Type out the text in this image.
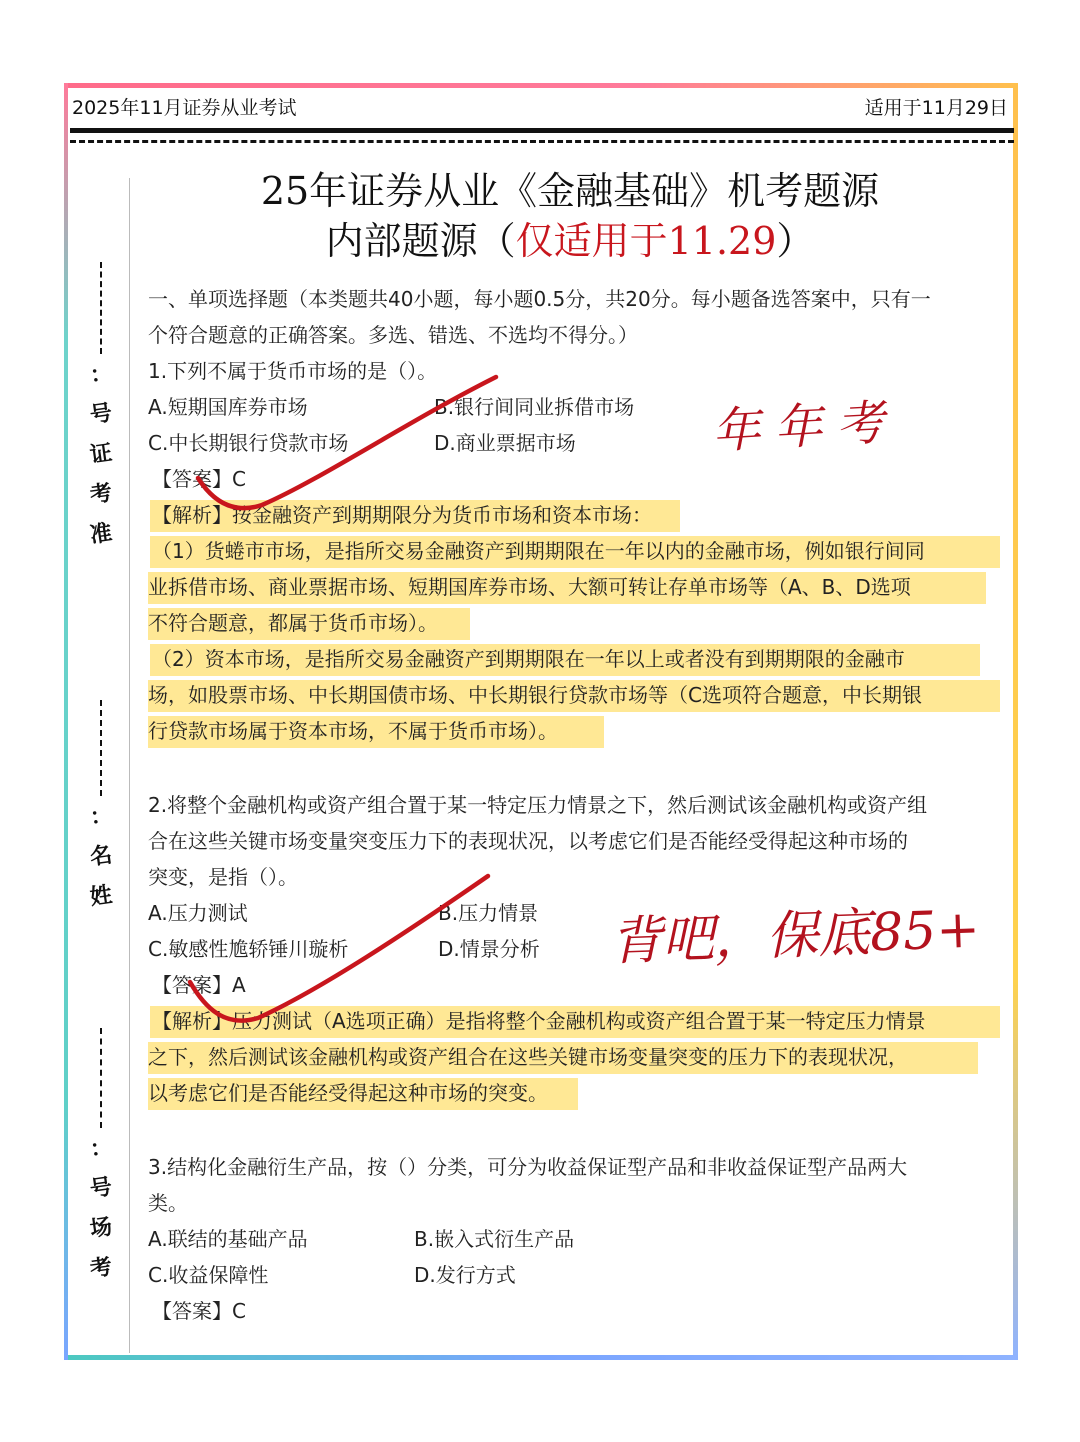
2025年11月证券从业考试	适用于11月29日
：
号
证
考
准
：
名
姓
：
号
场
考
25年证券从业《金融基础》机考题源
内部题源（仅适用于11.29）
一、单项选择题（本类题共40小题，每小题0.5分，共20分。每小题备选答案中，只有一
个符合题意的正确答案。多选、错选、不选均不得分。）
1.下列不属于货币市场的是（）。
A.短期国库券市场	B.银行间同业拆借市场
C.中长期银行贷款市场	D.商业票据市场
【答案】C
【解析】按金融资产到期期限分为货币市场和资本市场：
（1）货蜷市市场，是指所交易金融资产到期期限在一年以内的金融市场，例如银行间同
业拆借市场、商业票据市场、短期国库券市场、大额可转让存单市场等（A、B、D选项
不符合题意，都属于货币市场）。
（2）资本市场，是指所交易金融资产到期期限在一年以上或者没有到期期限的金融市
场，如股票市场、中长期国债市场、中长期银行贷款市场等（C选项符合题意，中长期银
行贷款市场属于资本市场，不属于货币市场）。
2.将整个金融机构或资产组合置于某一特定压力情景之下，然后测试该金融机构或资产组
合在这些关键市场变量突变压力下的表现状况，以考虑它们是否能经受得起这种市场的
突变，是指（）。
A.压力测试	B.压力情景
C.敏感性尯轿锤川璇析	D.情景分析
【答案】A
【解析】压力测试（A选项正确）是指将整个金融机构或资产组合置于某一特定压力情景
之下，然后测试该金融机构或资产组合在这些关键市场变量突变的压力下的表现状况，
以考虑它们是否能经受得起这种市场的突变。
3.结构化金融衍生产品，按（）分类，可分为收益保证型产品和非收益保证型产品两大
类。
A.联结的基础产品	B.嵌入式衍生产品
C.收益保障性	D.发行方式
【答案】C
年年考
背吧，保底85+
